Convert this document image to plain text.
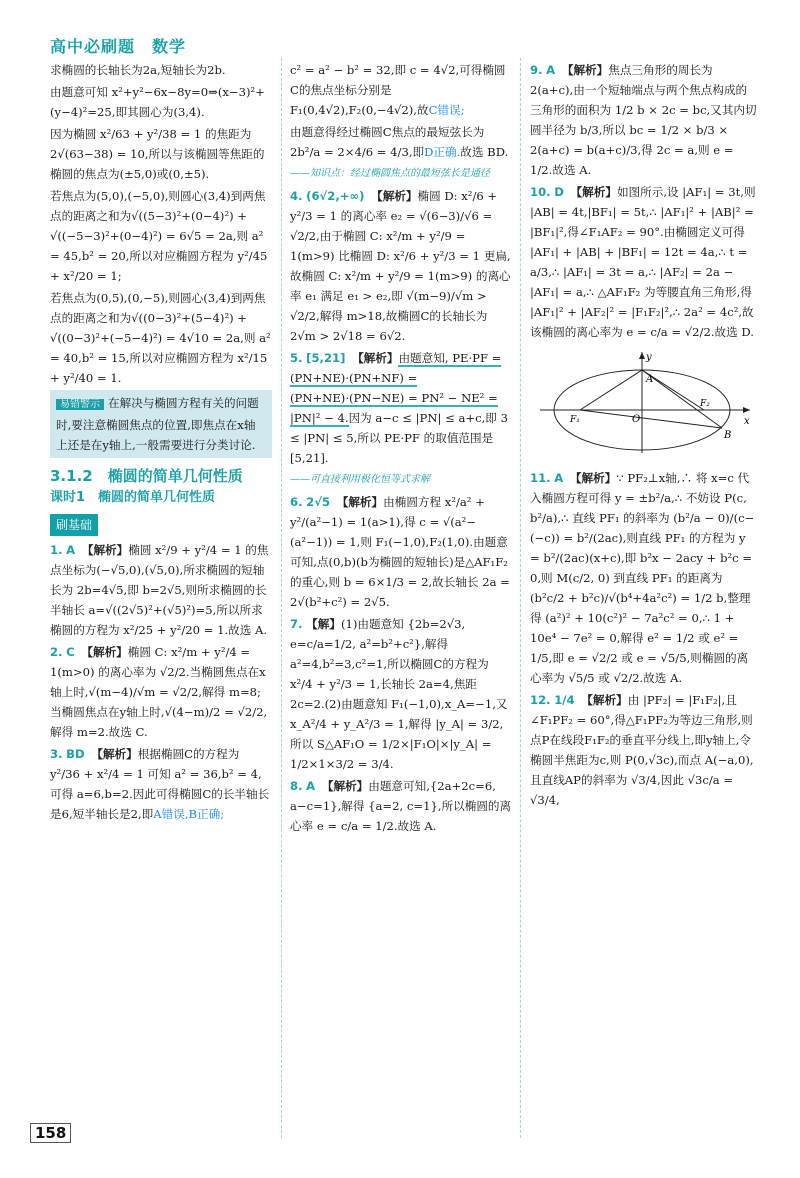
高中必刷题　数学

求椭圆的长轴长为2a,短轴长为2b.

由题意可知 x²+y²−6x−8y=0⇒(x−3)²+(y−4)²=25,即其圆心为(3,4).

因为椭圆 x²/63 + y²/38 = 1 的焦距为 2√(63−38) = 10,所以与该椭圆等焦距的椭圆的焦点为(±5,0)或(0,±5).

若焦点为(5,0),(−5,0),则圆心(3,4)到两焦点的距离之和为√((5−3)²+(0−4)²) + √((−5−3)²+(0−4)²) = 6√5 = 2a,则 a² = 45,b² = 20,所以对应椭圆方程为 y²/45 + x²/20 = 1;

若焦点为(0,5),(0,−5),则圆心(3,4)到两焦点的距离之和为√((0−3)²+(5−4)²) + √((0−3)²+(−5−4)²) = 4√10 = 2a,则 a² = 40,b² = 15,所以对应椭圆方程为 x²/15 + y²/40 = 1.

易错警示 在解决与椭圆方程有关的问题时,要注意椭圆焦点的位置,即焦点在x轴上还是在y轴上,一般需要进行分类讨论.
3.1.2　椭圆的简单几何性质
课时1　椭圆的简单几何性质
刷基础

1. A 【解析】椭圆 x²/9 + y²/4 = 1 的焦点坐标为(−√5,0),(√5,0),所求椭圆的短轴长为 2b=4√5,即 b=2√5,则所求椭圆的长半轴长 a=√((2√5)²+(√5)²)=5,所以所求椭圆的方程为 x²/25 + y²/20 = 1.故选 A.

2. C 【解析】椭圆 C: x²/m + y²/4 = 1(m>0) 的离心率为 √2/2.当椭圆焦点在x轴上时,√(m−4)/√m = √2/2,解得 m=8;当椭圆焦点在y轴上时,√(4−m)/2 = √2/2,解得 m=2.故选 C.

3. BD 【解析】根据椭圆C的方程为 y²/36 + x²/4 = 1 可知 a² = 36,b² = 4,可得 a=6,b=2.因此可得椭圆C的长半轴长是6,短半轴长是2,即A错误,B正确;

c² = a² − b² = 32,即 c = 4√2,可得椭圆C的焦点坐标分别是 F₁(0,4√2),F₂(0,−4√2),故C错误;

由题意得经过椭圆C焦点的最短弦长为 2b²/a = 2×4/6 = 4/3,即D正确.故选 BD.

——知识点：经过椭圆焦点的最短弦长是通径

4. (6√2,+∞) 【解析】椭圆 D: x²/6 + y²/3 = 1 的离心率 e₂ = √(6−3)/√6 = √2/2,由于椭圆 C: x²/m + y²/9 = 1(m>9) 比椭圆 D: x²/6 + y²/3 = 1 更扁,故椭圆 C: x²/m + y²/9 = 1(m>9) 的离心率 e₁ 满足 e₁ > e₂,即 √(m−9)/√m > √2/2,解得 m>18,故椭圆C的长轴长为 2√m > 2√18 = 6√2.

5. [5,21] 【解析】由题意知, PE·PF = (PN+NE)·(PN+NF) = (PN+NE)·(PN−NE) = PN² − NE² = |PN|² − 4.因为 a−c ≤ |PN| ≤ a+c,即 3 ≤ |PN| ≤ 5,所以 PE·PF 的取值范围是[5,21].

——可直接利用极化恒等式求解

6. 2√5 【解析】由椭圆方程 x²/a² + y²/(a²−1) = 1(a>1),得 c = √(a²−(a²−1)) = 1,则 F₁(−1,0),F₂(1,0).由题意可知,点(0,b)(b为椭圆的短轴长)是△AF₁F₂的重心,则 b = 6×1/3 = 2,故长轴长 2a = 2√(b²+c²) = 2√5.

7. 【解】(1)由题意知 {2b=2√3, e=c/a=1/2, a²=b²+c²},解得 a²=4,b²=3,c²=1,所以椭圆C的方程为 x²/4 + y²/3 = 1,长轴长 2a=4,焦距 2c=2.(2)由题意知 F₁(−1,0),x_A=−1,又 x_A²/4 + y_A²/3 = 1,解得 |y_A| = 3/2,所以 S△AF₁O = 1/2×|F₁O|×|y_A| = 1/2×1×3/2 = 3/4.

8. A 【解析】由题意可知,{2a+2c=6, a−c=1},解得 {a=2, c=1},所以椭圆的离心率 e = c/a = 1/2.故选 A.

9. A 【解析】焦点三角形的周长为 2(a+c),由一个短轴端点与两个焦点构成的三角形的面积为 1/2 b × 2c = bc,又其内切圆半径为 b/3,所以 bc = 1/2 × b/3 × 2(a+c) = b(a+c)/3,得 2c = a,则 e = 1/2.故选 A.

10. D 【解析】如图所示,设 |AF₁| = 3t,则 |AB| = 4t,|BF₁| = 5t,∴ |AF₁|² + |AB|² = |BF₁|²,得∠F₁AF₂ = 90°.由椭圆定义可得 |AF₁| + |AB| + |BF₁| = 12t = 4a,∴ t = a/3,∴ |AF₁| = 3t = a,∴ |AF₂| = 2a − |AF₁| = a,∴ △AF₁F₂ 为等腰直角三角形,得 |AF₁|² + |AF₂|² = |F₁F₂|²,∴ 2a² = 4c²,故该椭圆的离心率为 e = c/a = √2/2.故选 D.

y
x
O
A
B
F₁
F₂

11. A 【解析】∵ PF₂⊥x轴,∴ 将 x=c 代入椭圆方程可得 y = ±b²/a,∴ 不妨设 P(c, b²/a),∴ 直线 PF₁ 的斜率为 (b²/a − 0)/(c−(−c)) = b²/(2ac),则直线 PF₁ 的方程为 y = b²/(2ac)(x+c),即 b²x − 2acy + b²c = 0,则 M(c/2, 0) 到直线 PF₁ 的距离为 (b²c/2 + b²c)/√(b⁴+4a²c²) = 1/2 b,整理得 (a²)² + 10(c²)² − 7a²c² = 0,∴ 1 + 10e⁴ − 7e² = 0,解得 e² = 1/2 或 e² = 1/5,即 e = √2/2 或 e = √5/5,则椭圆的离心率为 √5/5 或 √2/2.故选 A.

12. 1/4 【解析】由 |PF₂| = |F₁F₂|,且∠F₁PF₂ = 60°,得△F₁PF₂为等边三角形,则点P在线段F₁F₂的垂直平分线上,即y轴上,令椭圆半焦距为c,则 P(0,√3c),而点 A(−a,0),且直线AP的斜率为 √3/4,因此 √3c/a = √3/4,

158
